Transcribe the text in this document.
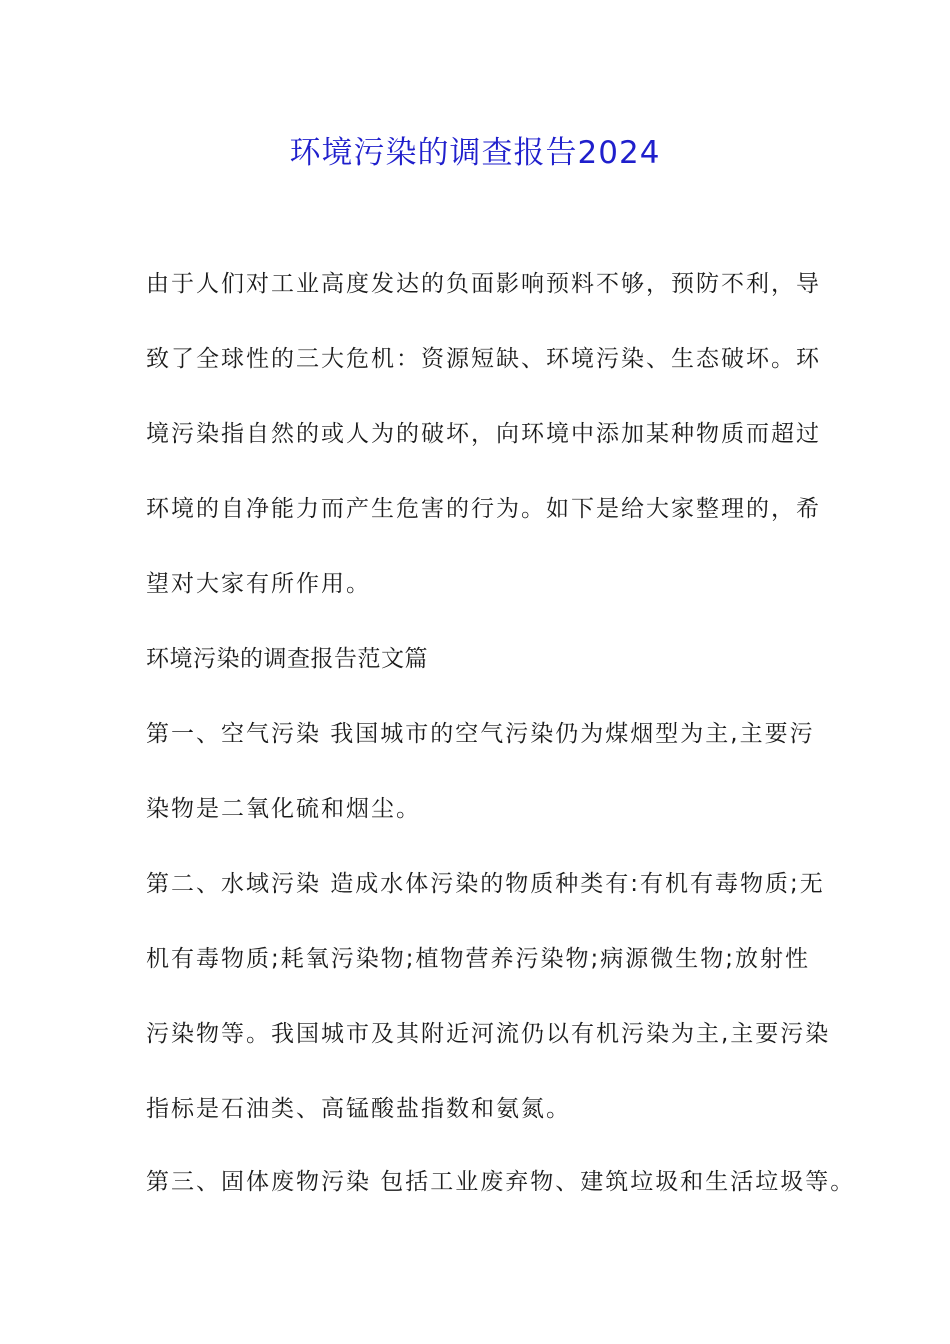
环境污染的调查报告2024
由于人们对工业高度发达的负面影响预料不够，预防不利，导
致了全球性的三大危机：资源短缺、环境污染、生态破坏。环
境污染指自然的或人为的破坏，向环境中添加某种物质而超过
环境的自净能力而产生危害的行为。如下是给大家整理的，希
望对大家有所作用。
环境污染的调查报告范文篇
第一、空气污染 我国城市的空气污染仍为煤烟型为主,主要污
染物是二氧化硫和烟尘。
第二、水域污染 造成水体污染的物质种类有:有机有毒物质;无
机有毒物质;耗氧污染物;植物营养污染物;病源微生物;放射性
污染物等。我国城市及其附近河流仍以有机污染为主,主要污染
指标是石油类、高锰酸盐指数和氨氮。
第三、固体废物污染 包括工业废弃物、建筑垃圾和生活垃圾等。
